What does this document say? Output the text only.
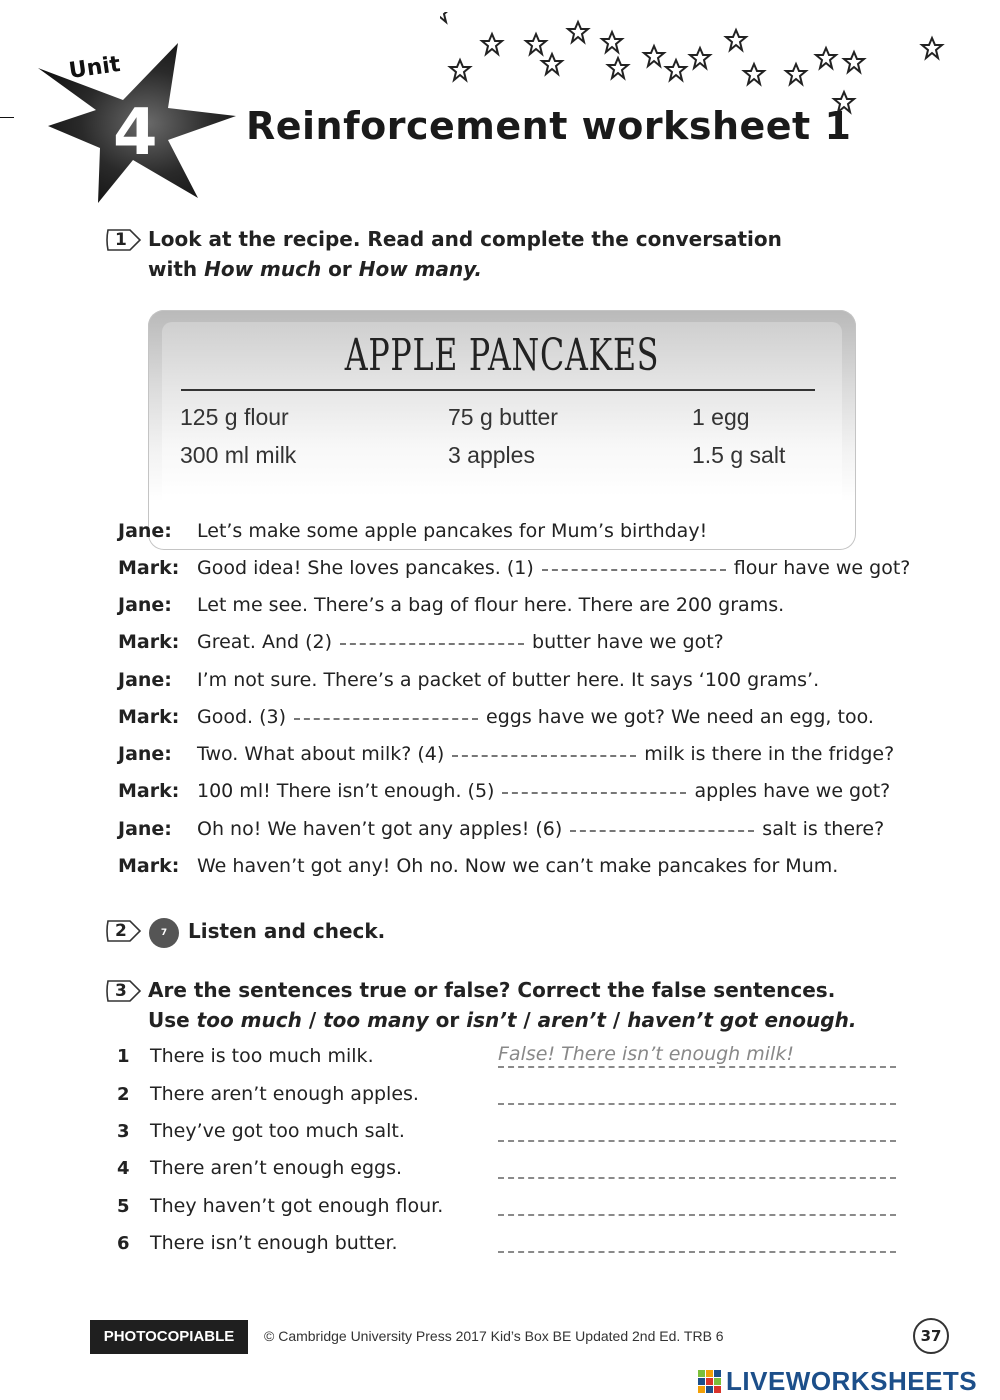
Unit
4 Reinforcement worksheet 1
1 Look at the recipe. Read and complete the conversation
with How much or How many.
APPLE PANCAKES
125 g flour	75 g butter	1 egg
300 ml milk	3 apples	1.5 g salt
Jane: Let’s make some apple pancakes for Mum’s birthday!
Mark: Good idea! She loves pancakes. (1)	flour have we got?
Jane: Let me see. There’s a bag of flour here. There are 200 grams.
Mark: Great. And (2)	butter have we got?
Jane: I’m not sure. There’s a packet of butter here. It says ‘100 grams’.
Mark: Good. (3)	eggs have we got? We need an egg, too.
Jane: Two. What about milk? (4)	milk is there in the fridge?
Mark: 100 ml! There isn’t enough. (5)	apples have we got?
Jane: Oh no! We haven’t got any apples! (6)	salt is there?
Mark: We haven’t got any! Oh no. Now we can’t make pancakes for Mum.
2	7	Listen and check.
3 Are the sentences true or false? Correct the false sentences.
Use too much / too many or isn’t / aren’t / haven’t got enough.
1 There is too much milk.	False! There isn’t enough milk!
2 There aren’t enough apples.
3 They’ve got too much salt.
4 There aren’t enough eggs.
5 They haven’t got enough flour.
6 There isn’t enough butter.
PHOTOCOPIABLE	© Cambridge University Press 2017 Kid’s Box BE Updated 2nd Ed. TRB 6	37
LIVEWORKSHEETS
